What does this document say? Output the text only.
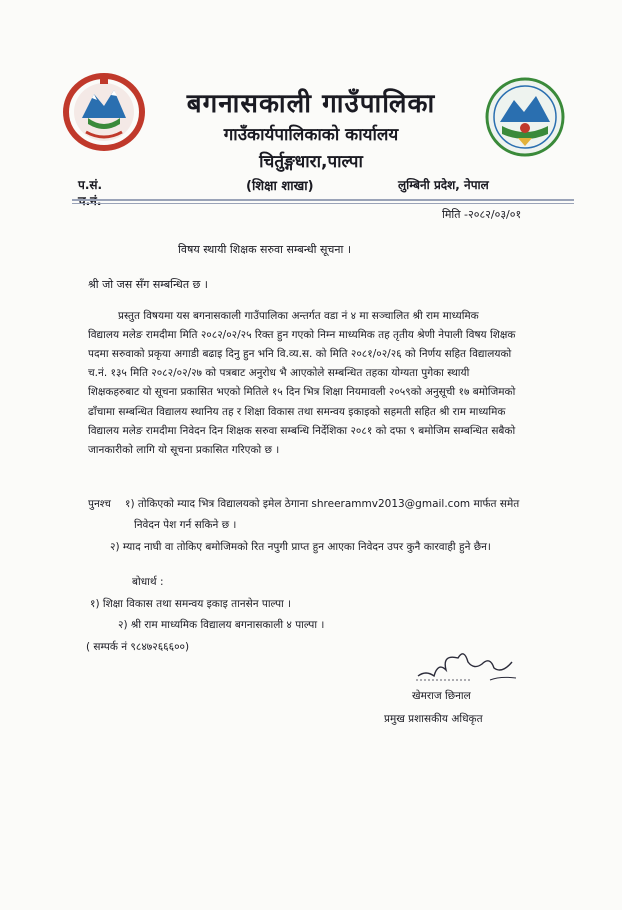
बगनासकाली गाउँपालिका
गाउँकार्यपालिकाको कार्यालय
चिर्तुङ्गधारा,पाल्पा
प.सं.
च.नं.
(शिक्षा शाखा)	लुम्बिनी प्रदेश, नेपाल
मिति -२०८२/०३/०१
विषय स्थायी शिक्षक सरुवा सम्बन्धी सूचना ।
श्री जो जस सँग सम्बन्धित छ ।
प्रस्तुत विषयमा यस बगनासकाली गाउँपालिका अन्तर्गत वडा नं ४ मा सञ्चालित श्री राम माध्यमिक
विद्यालय मलेङ रामदीमा मिति २०८२/०२/२५ रिक्त हुन गएको निम्न माध्यमिक तह तृतीय श्रेणी नेपाली विषय शिक्षक
पदमा सरुवाको प्रकृया अगाडी बढाइ दिनु हुन भनि वि.व्य.स. को मिति २०८१/०२/२६ को निर्णय सहित विद्यालयको
च.नं. १३५ मिति २०८२/०२/२७ को पत्रबाट अनुरोध भै आएकोले सम्बन्धित तहका योग्यता पुगेका स्थायी
शिक्षकहरुबाट यो सूचना प्रकासित भएको मितिले १५ दिन भित्र शिक्षा नियमावली २०५९को अनुसूची १७ बमोजिमको
ढाँचामा सम्बन्धित विद्यालय स्थानिय तह र शिक्षा विकास तथा समन्वय इकाइको सहमती सहित श्री राम माध्यमिक
विद्यालय मलेङ रामदीमा निवेदन दिन शिक्षक सरुवा सम्बन्धि निर्देशिका २०८१ को दफा ९ बमोजिम सम्बन्धित सबैको
जानकारीको लागि यो सूचना प्रकासित गरिएको छ ।
पुनश्च १) तोकिएको म्याद भित्र विद्यालयको इमेल ठेगाना shreerammv2013@gmail.com मार्फत समेत
निवेदन पेश गर्न सकिने छ ।
२) म्याद नाघी वा तोकिए बमोजिमको रित नपुगी प्राप्त हुन आएका निवेदन उपर कुनै कारवाही हुने छैन।
बोधार्थ :
१) शिक्षा विकास तथा समन्वय इकाइ तानसेन पाल्पा ।
२) श्री राम माध्यमिक विद्यालय बगनासकाली ४ पाल्पा ।
( सम्पर्क नं ९८४७२६६६००)
खेमराज छिनाल
प्रमुख प्रशासकीय अधिकृत
